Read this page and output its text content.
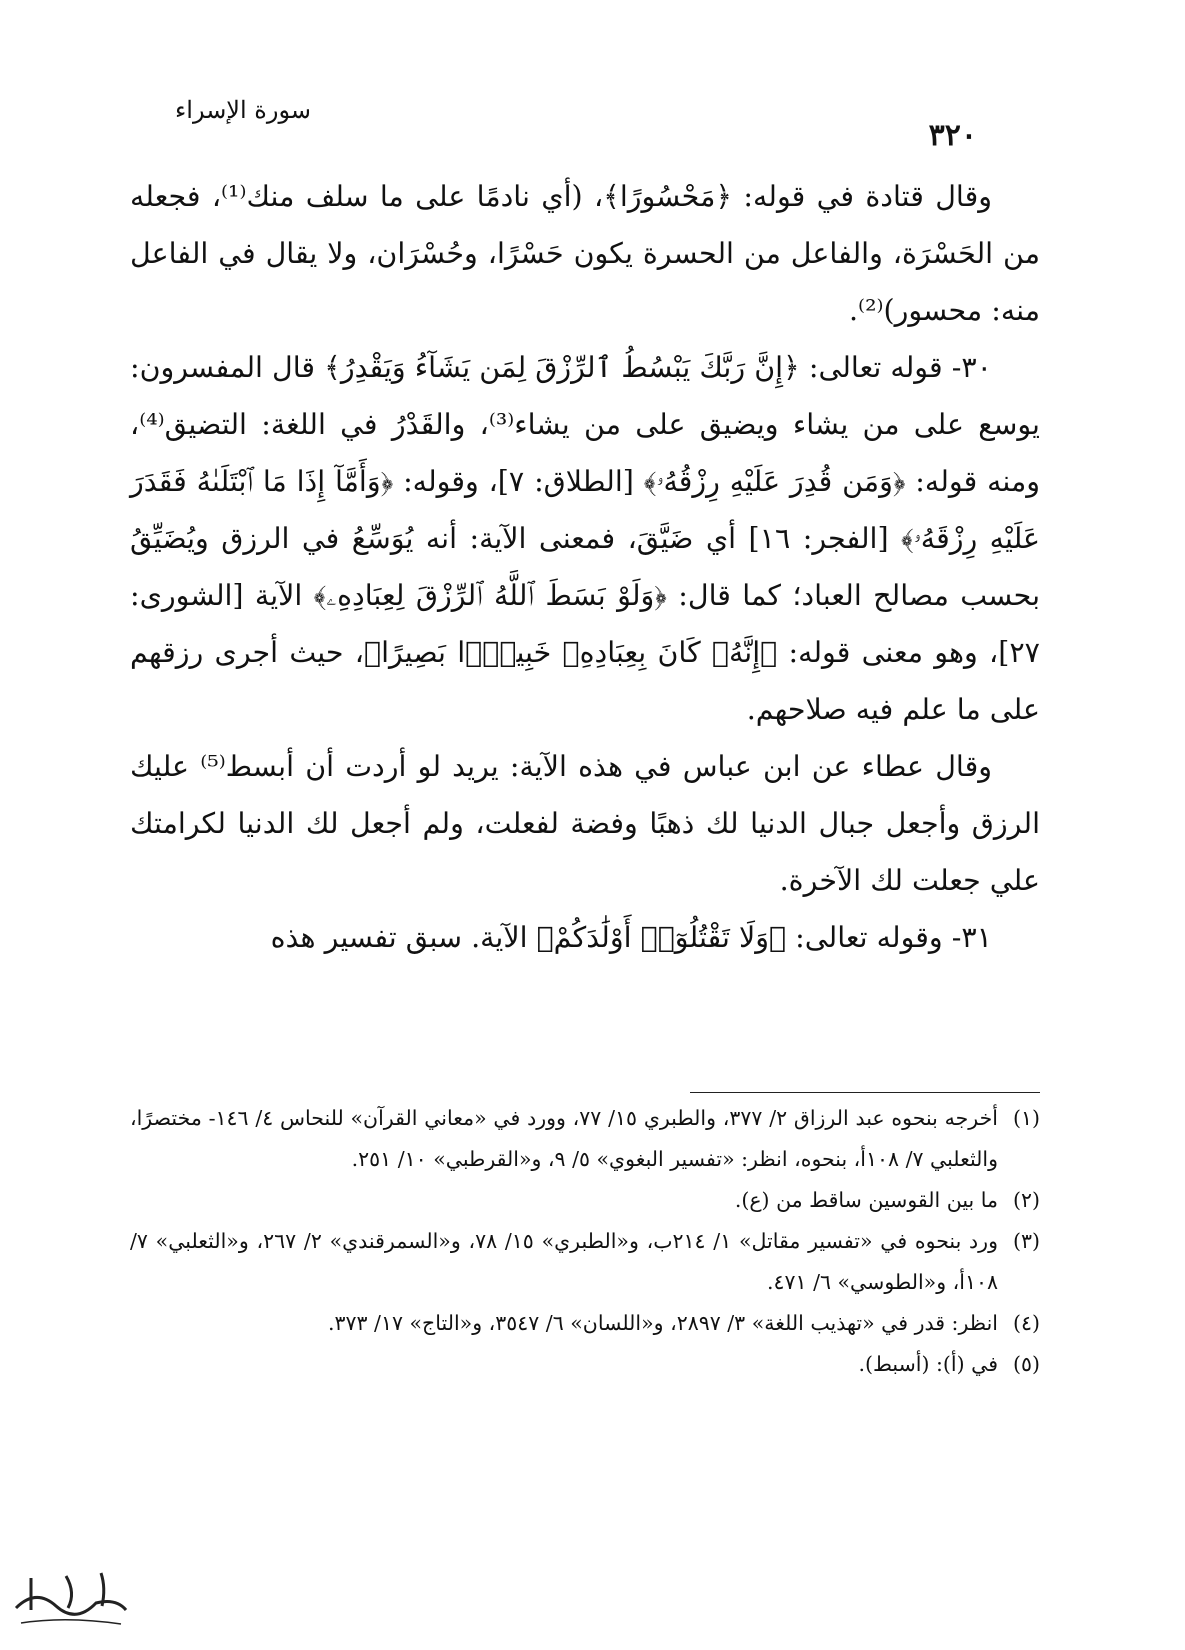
سورة الإسراء
٣٢٠

وقال قتادة في قوله: ﴿مَحْسُورًا﴾، (أي نادمًا على ما سلف منك⁽¹⁾، فجعله من الحَسْرَة، والفاعل من الحسرة يكون حَسْرًا، وحُسْرَان، ولا يقال في الفاعل منه: محسور)⁽²⁾.

٣٠- قوله تعالى: ﴿إِنَّ رَبَّكَ يَبْسُطُ ٱلرِّزْقَ لِمَن يَشَآءُ وَيَقْدِرُ﴾ قال المفسرون: يوسع على من يشاء ويضيق على من يشاء⁽³⁾، والقَدْرُ في اللغة: التضيق⁽⁴⁾، ومنه قوله: ﴿وَمَن قُدِرَ عَلَيْهِ رِزْقُهُۥ﴾ [الطلاق: ٧]، وقوله: ﴿وَأَمَّآ إِذَا مَا ٱبْتَلَىٰهُ فَقَدَرَ عَلَيْهِ رِزْقَهُۥ﴾ [الفجر: ١٦] أي ضَيَّقَ، فمعنى الآية: أنه يُوَسِّعُ في الرزق ويُضَيِّقُ بحسب مصالح العباد؛ كما قال: ﴿وَلَوْ بَسَطَ ٱللَّهُ ٱلرِّزْقَ لِعِبَادِهِۦ﴾ الآية [الشورى: ٢٧]، وهو معنى قوله: ﴿إِنَّهُۥ كَانَ بِعِبَادِهِۦ خَبِيرًۢا بَصِيرًا﴾، حيث أجرى رزقهم على ما علم فيه صلاحهم.

وقال عطاء عن ابن عباس في هذه الآية: يريد لو أردت أن أبسط⁽⁵⁾ عليك الرزق وأجعل جبال الدنيا لك ذهبًا وفضة لفعلت، ولم أجعل لك الدنيا لكرامتك علي جعلت لك الآخرة.

٣١- وقوله تعالى: ﴿وَلَا تَقْتُلُوٓا۟ أَوْلَٰدَكُمْ﴾ الآية. سبق تفسير هذه

(١)
أخرجه بنحوه عبد الرزاق ٢/ ٣٧٧، والطبري ١٥/ ٧٧، وورد في «معاني القرآن» للنحاس ٤/ ١٤٦- مختصرًا، والثعلبي ٧/ ١٠٨أ، بنحوه، انظر: «تفسير البغوي» ٥/ ٩، و«القرطبي» ١٠/ ٢٥١.
(٢)
ما بين القوسين ساقط من (ع).
(٣)
ورد بنحوه في «تفسير مقاتل» ١/ ٢١٤ب، و«الطبري» ١٥/ ٧٨، و«السمرقندي» ٢/ ٢٦٧، و«الثعلبي» ٧/ ١٠٨أ، و«الطوسي» ٦/ ٤٧١.
(٤)
انظر: قدر في «تهذيب اللغة» ٣/ ٢٨٩٧، و«اللسان» ٦/ ٣٥٤٧، و«التاج» ١٧/ ٣٧٣.
(٥)
في (أ): (أسبط).
